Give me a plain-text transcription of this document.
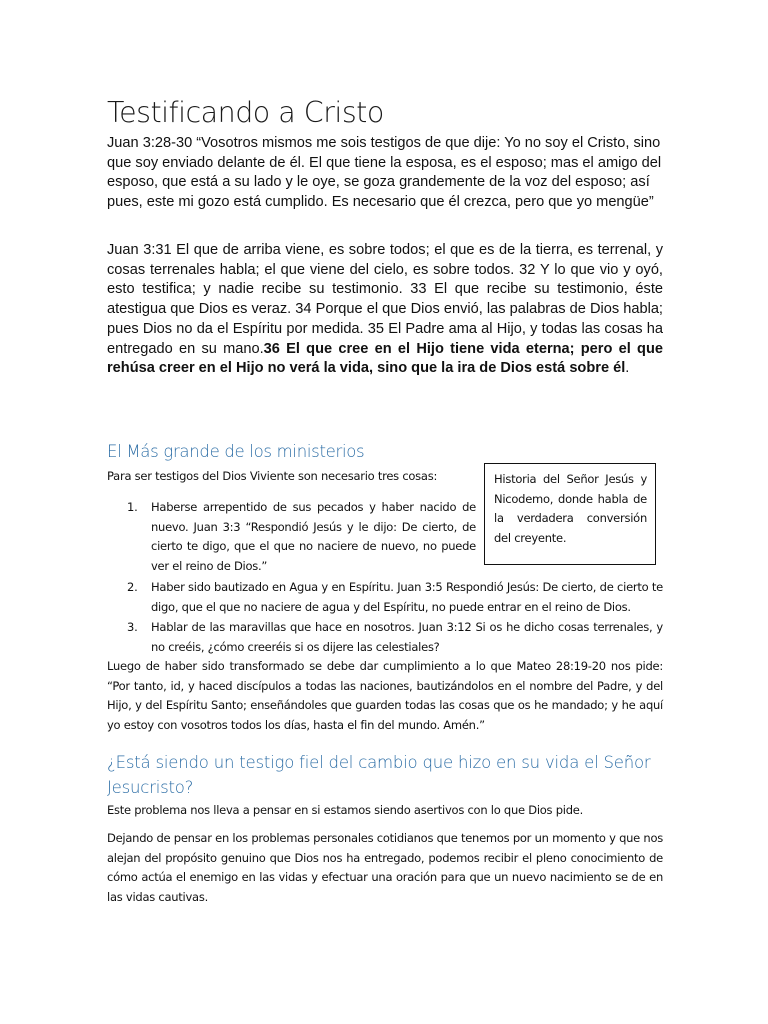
Testificando a Cristo

Juan 3:28-30 “Vosotros mismos me sois testigos de que dije: Yo no soy el Cristo, sino que soy enviado delante de él. El que tiene la esposa, es el esposo; mas el amigo del esposo, que está a su lado y le oye, se goza grandemente de la voz del esposo; así pues, este mi gozo está cumplido. Es necesario que él crezca, pero que yo mengüe”

Juan 3:31 El que de arriba viene, es sobre todos; el que es de la tierra, es terrenal, y cosas terrenales habla; el que viene del cielo, es sobre todos. 32 Y lo que vio y oyó, esto testifica; y nadie recibe su testimonio. 33 El que recibe su testimonio, éste atestigua que Dios es veraz. 34 Porque el que Dios envió, las palabras de Dios habla; pues Dios no da el Espíritu por medida. 35 El Padre ama al Hijo, y todas las cosas ha entregado en su mano.36 El que cree en el Hijo tiene vida eterna; pero el que rehúsa creer en el Hijo no verá la vida, sino que la ira de Dios está sobre él.

El Más grande de los ministerios

Para ser testigos del Dios Viviente son necesario tres cosas:	Historia del Señor Jesús y Nicodemo, donde habla de la verdadera conversión del creyente.
1. Haberse arrepentido de sus pecados y haber nacido de nuevo. Juan 3:3 “Respondió Jesús y le dijo: De cierto, de cierto te digo, que el que no naciere de nuevo, no puede ver el reino de Dios.”
2. Haber sido bautizado en Agua y en Espíritu. Juan 3:5 Respondió Jesús: De cierto, de cierto te digo, que el que no naciere de agua y del Espíritu, no puede entrar en el reino de Dios.
3. Hablar de las maravillas que hace en nosotros. Juan 3:12 Si os he dicho cosas terrenales, y no creéis, ¿cómo creeréis si os dijere las celestiales?

Luego de haber sido transformado se debe dar cumplimiento a lo que Mateo 28:19-20 nos pide: “Por tanto, id, y haced discípulos a todas las naciones, bautizándolos en el nombre del Padre, y del Hijo, y del Espíritu Santo; enseñándoles que guarden todas las cosas que os he mandado; y he aquí yo estoy con vosotros todos los días, hasta el fin del mundo. Amén.”

¿Está siendo un testigo fiel del cambio que hizo en su vida el Señor Jesucristo?

Este problema nos lleva a pensar en si estamos siendo asertivos con lo que Dios pide.

Dejando de pensar en los problemas personales cotidianos que tenemos por un momento y que nos alejan del propósito genuino que Dios nos ha entregado, podemos recibir el pleno conocimiento de cómo actúa el enemigo en las vidas y efectuar una oración para que un nuevo nacimiento se de en las vidas cautivas.
